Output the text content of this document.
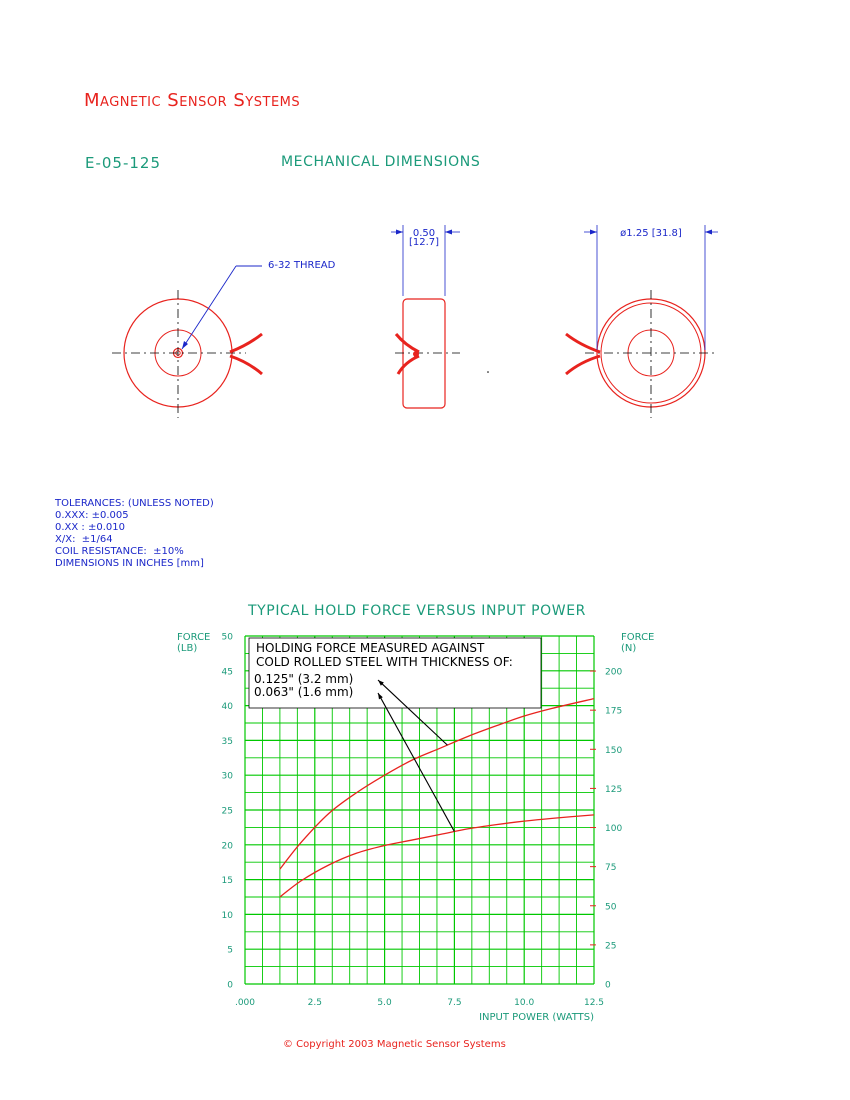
Magnetic Sensor Systems
E-05-125	MECHANICAL DIMENSIONS
6-32 THREAD
0.50
[12.7]
ø1.25 [31.8]
TOLERANCES: (UNLESS NOTED)
0.XXX: ±0.005
0.XX : ±0.010
X/X:  ±1/64
COIL RESISTANCE:  ±10%
DIMENSIONS IN INCHES [mm]
TYPICAL HOLD FORCE VERSUS INPUT POWER
0
5
10
15
20
25
30
35
40
45
50
0
25
50
75
100
125
150
175
200
.000	2.5	5.0	7.5	10.0	12.5
HOLDING FORCE MEASURED AGAINST
COLD ROLLED STEEL WITH THICKNESS OF:
0.125" (3.2 mm)
0.063" (1.6 mm)
FORCE
(LB)
FORCE
(N)
INPUT POWER (WATTS)
© Copyright 2003 Magnetic Sensor Systems
